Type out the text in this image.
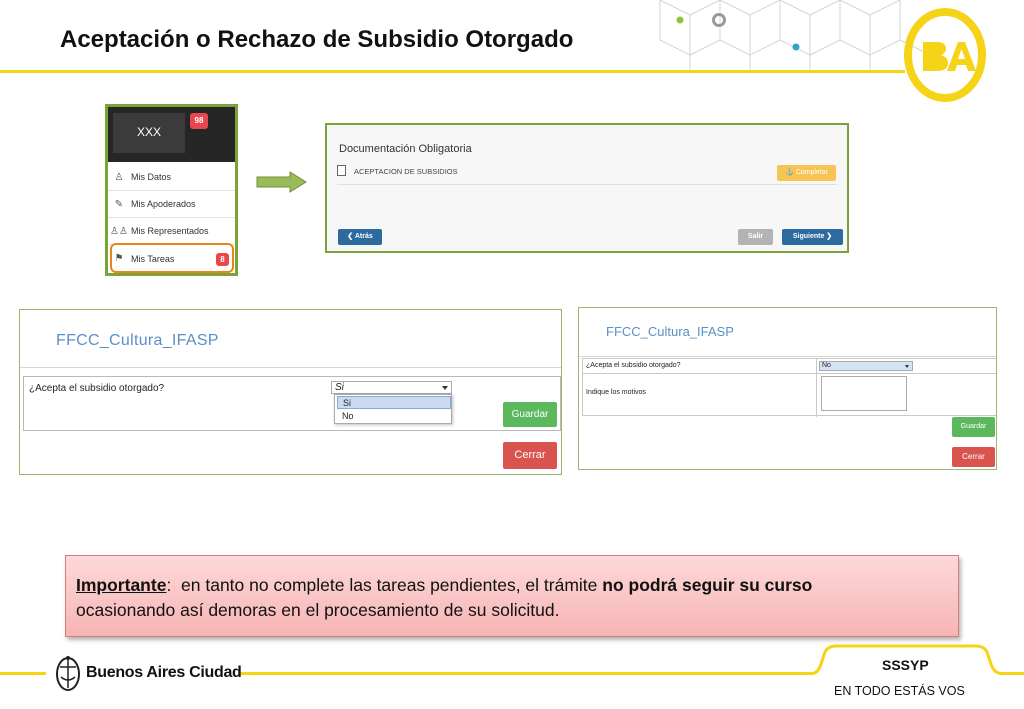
Aceptación o Rechazo de Subsidio Otorgado
XXX
98
♙ Mis Datos
✎ Mis Apoderados
♙♙ Mis Representados
⚑ Mis Tareas	8
Documentación Obligatoria
ACEPTACION DE SUBSIDIOS	⚓ Completar
❮ Atrás	Salir	Siguiente ❯
FFCC_Cultura_IFASP
¿Acepta el subsidio otorgado?	Si
Si
No	Guardar
Cerrar
FFCC_Cultura_IFASP
¿Acepta el subsidio otorgado?	No
Indique los motivos
Guardar
Cerrar
Importante:  en tanto no complete las tareas pendientes, el trámite no podrá seguir su curso
ocasionando así demoras en el procesamiento de su solicitud.
Buenos Aires Ciudad	SSSYP
EN TODO ESTÁS VOS
